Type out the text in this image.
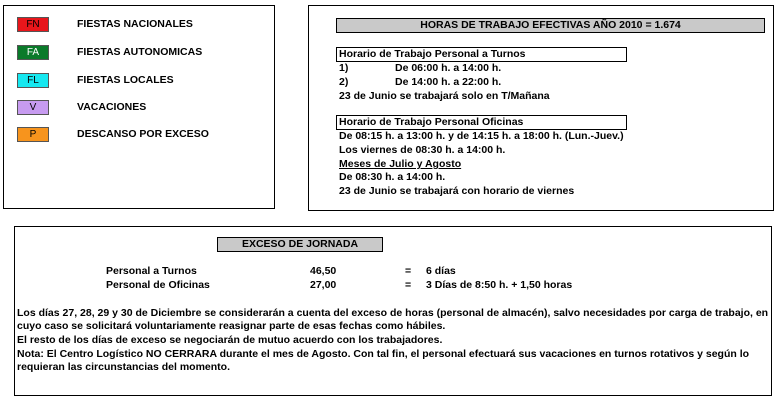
FN	FIESTAS NACIONALES
FA	FIESTAS AUTONOMICAS
FL	FIESTAS LOCALES
V	VACACIONES
P	DESCANSO POR EXCESO
HORAS DE TRABAJO EFECTIVAS AÑO 2010 = 1.674
Horario de Trabajo Personal a Turnos
1)	De 06:00 h. a 14:00 h.
2)	De 14:00 h. a 22:00 h.
23 de Junio se trabajará solo en T/Mañana
Horario de Trabajo Personal Oficinas
De 08:15 h. a 13:00 h. y de 14:15 h. a 18:00 h. (Lun.-Juev.)
Los viernes de 08:30 h. a 14:00 h.
Meses de Julio y Agosto
De 08:30 h. a 14:00 h.
23 de Junio se trabajará con horario de viernes
EXCESO DE JORNADA
Personal a Turnos	46,50	= 6 días
Personal de Oficinas	27,00	= 3 Días de 8:50 h. + 1,50 horas
Los días 27, 28, 29 y 30 de Diciembre se considerarán a cuenta del exceso de horas (personal de almacén), salvo necesidades por carga de trabajo, en cuyo caso se solicitará voluntariamente reasignar parte de esas fechas como hábiles.
El resto de los días de exceso se negociarán de mutuo acuerdo con los trabajadores.
Nota: El Centro Logístico NO CERRARA durante el mes de Agosto. Con tal fin, el personal efectuará sus vacaciones en turnos rotativos y según lo requieran las circunstancias del momento.
